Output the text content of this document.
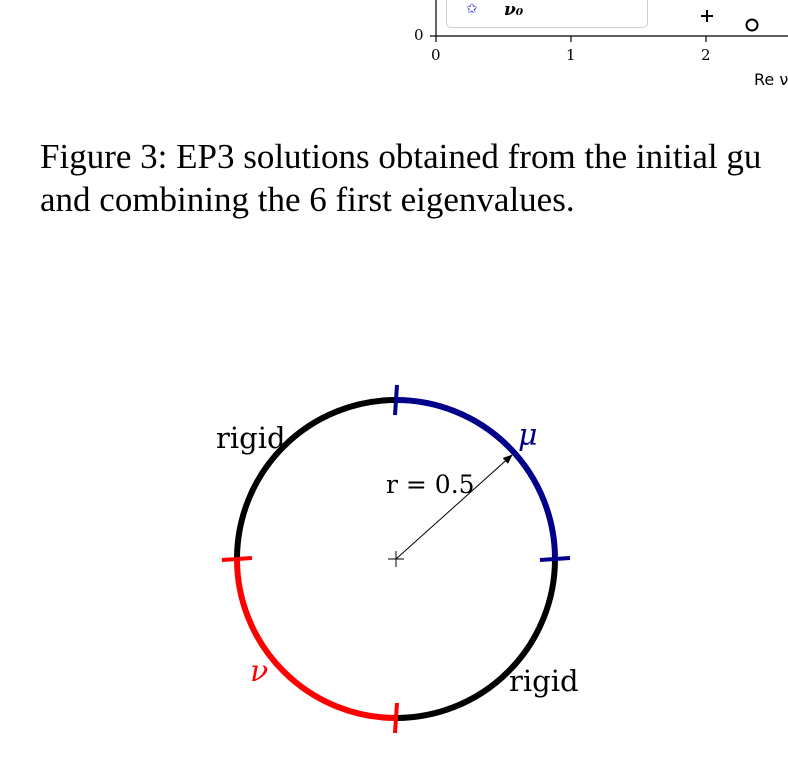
✩ ν₀
0
0	1	2
Re ν
Figure 3: EP3 solutions obtained from the initial gu
and combining the 6 first eigenvalues.
rigid
rigid
μ
ν
r = 0.5
